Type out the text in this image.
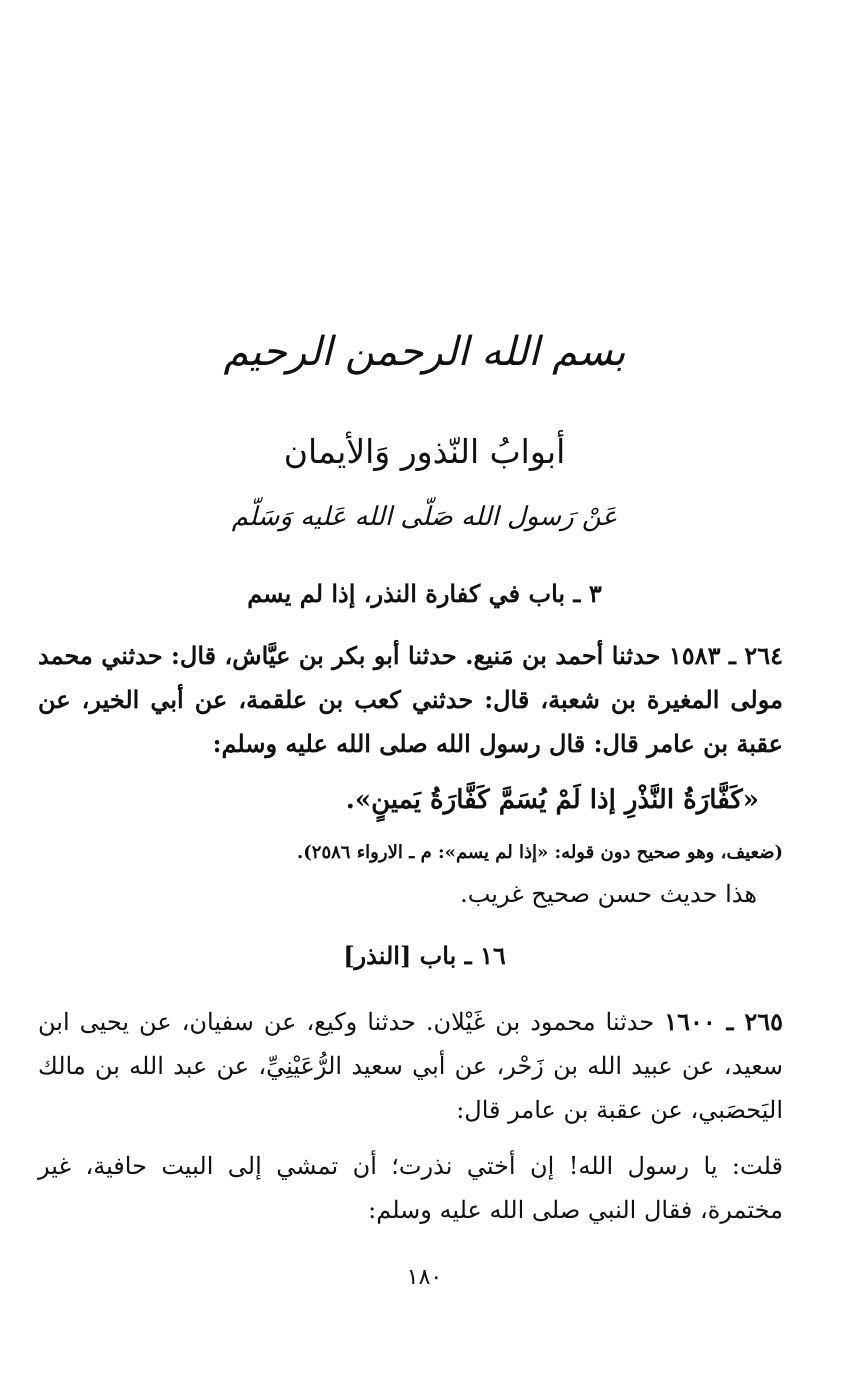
بسم الله الرحمن الرحيم
أبوابُ النّذور وَالأيمان
عَنْ رَسول الله صَلّى الله عَليه وَسَلّم
٣ ـ باب في كفارة النذر، إذا لم يسم
٢٦٤ ـ ١٥٨٣ حدثنا أحمد بن مَنيع. حدثنا أبو بكر بن عيَّاش، قال: حدثني محمد مولى المغيرة بن شعبة، قال: حدثني كعب بن علقمة، عن أبي الخير، عن عقبة بن عامر قال: قال رسول الله صلى الله عليه وسلم:
«كَفَّارَةُ النَّذْرِ إذا لَمْ يُسَمَّ كَفَّارَةُ يَمينٍ».
(ضعيف، وهو صحيح دون قوله: «إذا لم يسم»: م ـ الارواء ٢٥٨٦).
هذا حديث حسن صحيح غريب.
١٦ ـ باب [النذر]
٢٦٥ ـ ١٦٠٠ حدثنا محمود بن غَيْلان. حدثنا وكيع، عن سفيان، عن يحيى ابن سعيد، عن عبيد الله بن زَحْر، عن أبي سعيد الرُّعَيْنِيِّ، عن عبد الله بن مالك اليَحصَبي، عن عقبة بن عامر قال:
قلت: يا رسول الله! إن أختي نذرت؛ أن تمشي إلى البيت حافية، غير مختمرة، فقال النبي صلى الله عليه وسلم:
١٨٠
